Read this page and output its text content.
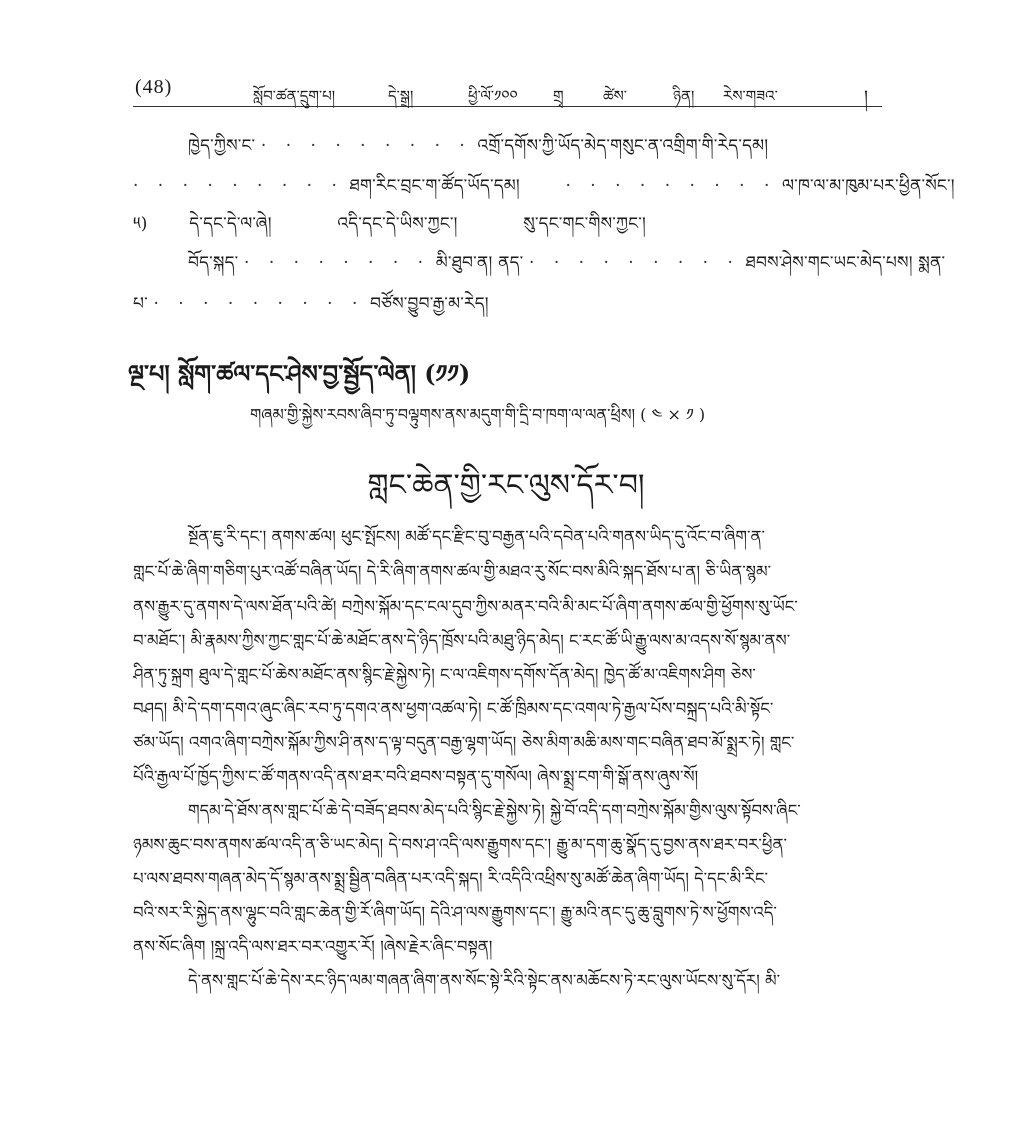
(48)	སློབ་ཚན་དྲུག་པ།	དེ་སྒྲ།	ཕྱི་ལོ་༡༠༠ གྲྭ	ཚེས་	ཉིན། རེས་གཟའ་	།
ཁྱེད་ཀྱིས་ང་ · · · · · · · · · འགྲོ་དགོས་ཀྱི་ཡོད་མེད་གསུང་ན་འགྲིག་གི་རེད་དམ།
· · · · · · · · · ཐག་རིང་བྲང་ག་ཚོད་ཡོད་དམ།	· · · · · · · · · ལ་ཁ་ལ་མ་ཁུམ་པར་ཕྱིན་སོང་།
༥) དེ་དང་དེ་ལ་ཞེ།	འདི་དང་དེ་ཡིས་ཀྱང་།	སུ་དང་གང་གིས་ཀྱང་།
བོད་སྐད་ · · · · · · · · མི་ཐུབ་ན། ནད་ · · · · · · · · · ཐབས་ཤེས་གང་ཡང་མེད་པས། སྨན་
པ་ · · · · · · · · · བཙོས་བྱུབ་རྒྱ་མ་རེད།
ལྔ་པ། སློག་ཚལ་དང་ཤེས་བྱ་སྦྱོད་ལེན། (༡༡)
གཞམ་གྱི་སྐྱེས་རབས་ཞིབ་ཏུ་བལྟུགས་ནས་མདུག་གི་དྲི་བ་ཁག་ལ་ལན་ཕྲིས། ( ༤ × ༡ )
གླང་ཆེན་གྱི་རང་ལུས་དོར་བ།
སྔོན་ཇུ་རི་དང་། ནགས་ཚལ། ཕུང་སྤོངས། མཚོ་དང་རྫིང་བུ་བརྒྱན་པའི་དབེན་པའི་གནས་ཡིད་དུ་འོང་བ་ཞིག་ན་
གླང་པོ་ཆེ་ཞིག་གཅིག་པུར་འཚོ་བཞིན་ཡོད། དེ་རི་ཞིག་ནགས་ཚལ་གྱི་མཐའ་རུ་སོང་བས་མིའི་སྐད་ཐོས་པ་ན། ཅི་ཡིན་སྙམ་
ནས་རྒྱུར་དུ་ནགས་དེ་ལས་ཐོན་པའི་ཚེ། བཀྲེས་སྐོམ་དང་ངལ་དུབ་ཀྱིས་མནར་བའི་མི་མང་པོ་ཞིག་ནགས་ཚལ་གྱི་ཕྱོགས་སུ་ཡོང་
བ་མཐོང་། མི་རྣམས་ཀྱིས་ཀྱང་གླང་པོ་ཆེ་མཐོང་ནས་དེ་ཉིད་ཁྲོས་པའི་མཐུ་ཉིད་མེད། ང་རང་ཚོ་ཡི་རྒྱུ་ལས་མ་འདས་སོ་སྙམ་ནས་
ཤིན་ཏུ་སྐྲག ཐུལ་དེ་གླང་པོ་ཆེས་མཐོང་ནས་སྙིང་རྗེ་སྐྱེས་ཏེ། ང་ལ་འཇིགས་དགོས་དོན་མེད། ཁྱེད་ཚོ་མ་འཇིགས་ཤིག ཅེས་
བཤད། མི་དེ་དག་དགའ་ཞུང་ཞིང་རབ་ཏུ་དགའ་ནས་ཕྱག་འཚལ་ཏེ། ང་ཚོ་ཁྲིམས་དང་འགལ་ཏེ་རྒྱལ་པོས་བསྐྲད་པའི་མི་སྟོང་
ཙམ་ཡོད། འགའ་ཞིག་བཀྲེས་སྐོམ་ཀྱིས་ཤི་ནས་ད་ལྟ་བདུན་བརྒྱ་ལྷག་ཡོད། ཅེས་མིག་མཆི་མས་གང་བཞིན་ཐབ་མོ་སྨྲར་ཏེ། གླང་
པོའི་རྒྱལ་པོ་ཁྱོད་ཀྱིས་ང་ཚོ་གནས་འདི་ནས་ཐར་བའི་ཐབས་བསྟན་དུ་གསོལ། ཞེས་སྨྲ་ངག་གི་སྒོ་ནས་ཞུས་སོ།
གདམ་དེ་ཐོས་ནས་གླང་པོ་ཆེ་དེ་བཟོད་ཐབས་མེད་པའི་སྙིང་རྗེ་སྐྱེས་ཏེ། སྐྱེ་བོ་འདི་དག་བཀྲེས་སྐོམ་གྱིས་ལུས་སྟོབས་ཞིང་
ཉམས་ཆུང་བས་ནགས་ཚལ་འདི་ན་ཅི་ཡང་མེད། དེ་བས་ཤ་འདི་ལས་རྒྱུགས་དང་། རྒྱུ་མ་དག་ཆུ་སྣོད་དུ་བྱས་ནས་ཐར་བར་ཕྱིན་
པ་ལས་ཐབས་གཞན་མེད་དོ་སྙམ་ནས་སྨྲ་སྦྱིན་བཞིན་པར་འདི་སྐད། རི་འདིའི་འཕྲིས་སུ་མཚོ་ཆེན་ཞིག་ཡོད། དེ་དང་མི་རིང་
བའི་སར་རི་སྐྱེད་ནས་ལྷུང་བའི་གླང་ཆེན་གྱི་རོ་ཞིག་ཡོད། དེའི་ཤ་ལས་རྒྱུགས་དང་། རྒྱུ་མའི་ནང་དུ་ཆུ་བླུགས་ཏེ་ས་ཕྱོགས་འདི་
ནས་སོང་ཞིག །སྐྲ་འདི་ལས་ཐར་བར་འགྱུར་རོ། །ཞེས་རྗེར་ཞིང་བསྟན།
དེ་ནས་གླང་པོ་ཆེ་དེས་རང་ཉིད་ལམ་གཞན་ཞིག་ནས་སོང་སྟེ་རིའི་སྟེང་ནས་མཆོངས་ཏེ་རང་ལུས་ཡོངས་སུ་དོར། མི་
